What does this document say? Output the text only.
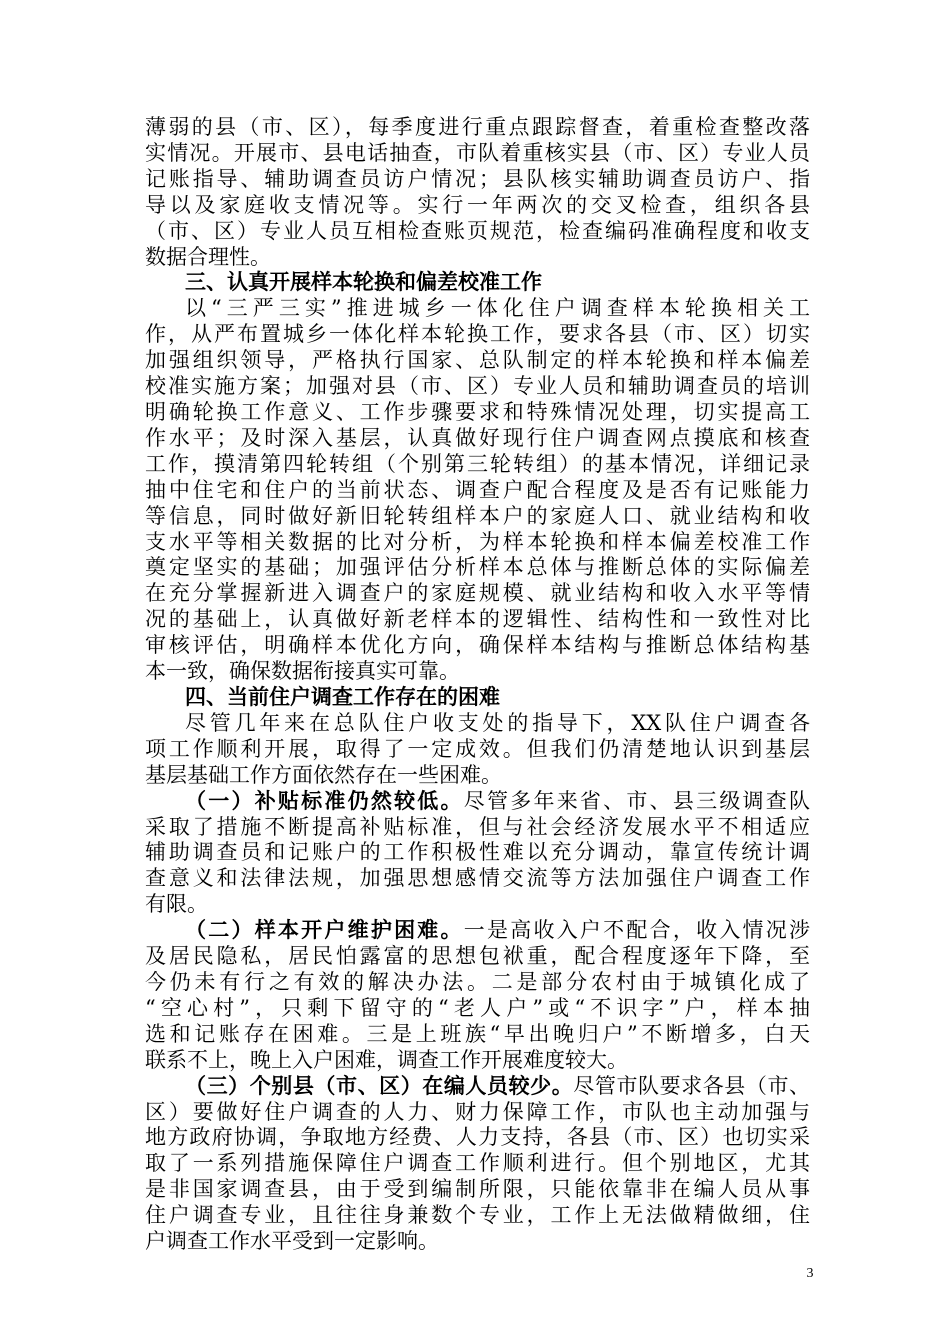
薄弱的县（市、区），每季度进行重点跟踪督查，着重检查整改落
实情况。开展市、县电话抽查，市队着重核实县（市、区）专业人员
记账指导、辅助调查员访户情况；县队核实辅助调查员访户、指
导以及家庭收支情况等。实行一年两次的交叉检查，组织各县
（市、区）专业人员互相检查账页规范，检查编码准确程度和收支
数据合理性。
三、认真开展样本轮换和偏差校准工作
以“三严三实”推进城乡一体化住户调查样本轮换相关工
作，从严布置城乡一体化样本轮换工作，要求各县（市、区）切实
加强组织领导，严格执行国家、总队制定的样本轮换和样本偏差
校准实施方案；加强对县（市、区）专业人员和辅助调查员的培训
明确轮换工作意义、工作步骤要求和特殊情况处理，切实提高工
作水平；及时深入基层，认真做好现行住户调查网点摸底和核查
工作，摸清第四轮转组（个别第三轮转组）的基本情况，详细记录
抽中住宅和住户的当前状态、调查户配合程度及是否有记账能力
等信息，同时做好新旧轮转组样本户的家庭人口、就业结构和收
支水平等相关数据的比对分析，为样本轮换和样本偏差校准工作
奠定坚实的基础；加强评估分析样本总体与推断总体的实际偏差
在充分掌握新进入调查户的家庭规模、就业结构和收入水平等情
况的基础上，认真做好新老样本的逻辑性、结构性和一致性对比
审核评估，明确样本优化方向，确保样本结构与推断总体结构基
本一致，确保数据衔接真实可靠。
四、当前住户调查工作存在的困难
尽管几年来在总队住户收支处的指导下，XX队住户调查各
项工作顺利开展，取得了一定成效。但我们仍清楚地认识到基层
基层基础工作方面依然存在一些困难。
（一）补贴标准仍然较低。尽管多年来省、市、县三级调查队
采取了措施不断提高补贴标准，但与社会经济发展水平不相适应
辅助调查员和记账户的工作积极性难以充分调动，靠宣传统计调
查意义和法律法规，加强思想感情交流等方法加强住户调查工作
有限。
（二）样本开户维护困难。一是高收入户不配合，收入情况涉
及居民隐私，居民怕露富的思想包袱重，配合程度逐年下降，至
今仍未有行之有效的解决办法。二是部分农村由于城镇化成了
“空心村”，只剩下留守的“老人户”或“不识字”户，样本抽
选和记账存在困难。三是上班族“早出晚归户”不断增多，白天
联系不上，晚上入户困难，调查工作开展难度较大。
（三）个别县（市、区）在编人员较少。尽管市队要求各县（市、
区）要做好住户调查的人力、财力保障工作，市队也主动加强与
地方政府协调，争取地方经费、人力支持，各县（市、区）也切实采
取了一系列措施保障住户调查工作顺利进行。但个别地区，尤其
是非国家调查县，由于受到编制所限，只能依靠非在编人员从事
住户调查专业，且往往身兼数个专业，工作上无法做精做细，住
户调查工作水平受到一定影响。
3
